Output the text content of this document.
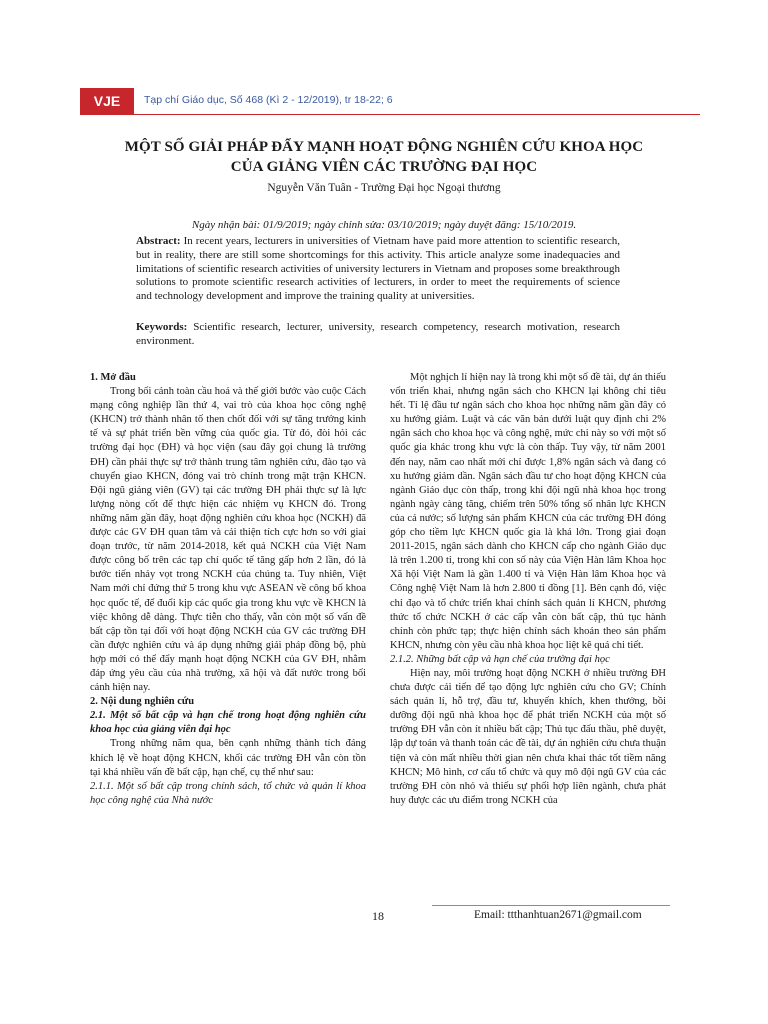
VJE	Tạp chí Giáo dục, Số 468 (Kì 2 - 12/2019), tr 18-22; 6
MỘT SỐ GIẢI PHÁP ĐẨY MẠNH HOẠT ĐỘNG NGHIÊN CỨU KHOA HỌC
CỦA GIẢNG VIÊN CÁC TRƯỜNG ĐẠI HỌC
Nguyễn Văn Tuân - Trường Đại học Ngoại thương
Ngày nhận bài: 01/9/2019; ngày chỉnh sửa: 03/10/2019; ngày duyệt đăng: 15/10/2019.
Abstract: In recent years, lecturers in universities of Vietnam have paid more attention to scientific research, but in reality, there are still some shortcomings for this activity. This article analyze some inadequacies and limitations of scientific research activities of university lecturers in Vietnam and proposes some breakthrough solutions to promote scientific research activities of lecturers, in order to meet the requirements of science and technology development and improve the training quality at universities.
Keywords: Scientific research, lecturer, university, research competency, research motivation, research environment.

1. Mở đầu

Trong bối cảnh toàn cầu hoá và thế giới bước vào cuộc Cách mạng công nghiệp lần thứ 4, vai trò của khoa học công nghệ (KHCN) trở thành nhân tố then chốt đối với sự tăng trưởng kinh tế và sự phát triển bền vững của quốc gia. Từ đó, đòi hỏi các trường đại học (ĐH) và học viện (sau đây gọi chung là trường ĐH) cần phải thực sự trở thành trung tâm nghiên cứu, đào tạo và chuyển giao KHCN, đóng vai trò chính trong mặt trận KHCN. Đội ngũ giảng viên (GV) tại các trường ĐH phải thực sự là lực lượng nòng cốt để thực hiện các nhiệm vụ KHCN đó. Trong những năm gần đây, hoạt động nghiên cứu khoa học (NCKH) đã được các GV ĐH quan tâm và cải thiện tích cực hơn so với giai đoạn trước, từ năm 2014-2018, kết quả NCKH của Việt Nam được công bố trên các tạp chí quốc tế tăng gấp hơn 2 lần, đó là bước tiến nhảy vọt trong NCKH của chúng ta. Tuy nhiên, Việt Nam mới chỉ đứng thứ 5 trong khu vực ASEAN về công bố khoa học quốc tế, để đuổi kịp các quốc gia trong khu vực về KHCN là việc không dễ dàng. Thực tiễn cho thấy, vẫn còn một số vấn đề bất cập tồn tại đối với hoạt động NCKH của GV các trường ĐH cần được nghiên cứu và áp dụng những giải pháp đồng bộ, phù hợp mới có thể đẩy mạnh hoạt động NCKH của GV ĐH, nhằm đáp ứng yêu cầu của nhà trường, xã hội và đất nước trong bối cảnh hiện nay.

2. Nội dung nghiên cứu

2.1. Một số bất cập và hạn chế trong hoạt động nghiên cứu khoa học của giảng viên đại học

Trong những năm qua, bên cạnh những thành tích đáng khích lệ về hoạt động KHCN, khối các trường ĐH vẫn còn tồn tại khá nhiều vấn đề bất cập, hạn chế, cụ thể như sau:

2.1.1. Một số bất cập trong chính sách, tổ chức và quản lí khoa học công nghệ của Nhà nước

Một nghịch lí hiện nay là trong khi một số đề tài, dự án thiếu vốn triển khai, nhưng ngân sách cho KHCN lại không chi tiêu hết. Tỉ lệ đầu tư ngân sách cho khoa học những năm gần đây có xu hướng giảm. Luật và các văn bản dưới luật quy định chi 2% ngân sách cho khoa học và công nghệ, mức chi này so với một số quốc gia khác trong khu vực là còn thấp. Tuy vậy, từ năm 2001 đến nay, năm cao nhất mới chỉ được 1,8% ngân sách và đang có xu hướng giảm dần. Ngân sách đầu tư cho hoạt động KHCN của ngành Giáo dục còn thấp, trong khi đội ngũ nhà khoa học trong ngành ngày càng tăng, chiếm trên 50% tổng số nhân lực KHCN của cả nước; số lượng sản phẩm KHCN của các trường ĐH đóng góp cho tiềm lực KHCN quốc gia là khá lớn. Trong giai đoạn 2011-2015, ngân sách dành cho KHCN cấp cho ngành Giáo dục là trên 1.200 tỉ, trong khi con số này của Viện Hàn lâm Khoa học Xã hội Việt Nam là gần 1.400 tỉ và Viện Hàn lâm Khoa học và Công nghệ Việt Nam là hơn 2.800 tỉ đồng [1]. Bên cạnh đó, việc chỉ đạo và tổ chức triển khai chính sách quản lí KHCN, phương thức tổ chức NCKH ở các cấp vẫn còn bất cập, thủ tục hành chính còn phức tạp; thực hiện chính sách khoán theo sản phẩm KHCN, nhưng còn yêu cầu nhà khoa học liệt kê quá chi tiết.

2.1.2. Những bất cập và hạn chế của trường đại học

Hiện nay, môi trường hoạt động NCKH ở nhiều trường ĐH chưa được cải tiến để tạo động lực nghiên cứu cho GV; Chính sách quản lí, hỗ trợ, đầu tư, khuyến khích, khen thưởng, bồi dưỡng đội ngũ nhà khoa học để phát triển NCKH của một số trường ĐH vẫn còn ít nhiều bất cập; Thủ tục đấu thầu, phê duyệt, lập dự toán và thanh toán các đề tài, dự án nghiên cứu chưa thuận tiện và còn mất nhiều thời gian nên chưa khai thác tốt tiềm năng KHCN; Mô hình, cơ cấu tổ chức và quy mô đội ngũ GV của các trường ĐH còn nhỏ và thiếu sự phối hợp liên ngành, chưa phát huy được các ưu điểm trong NCKH của

18	Email: ttthanhtuan2671@gmail.com
